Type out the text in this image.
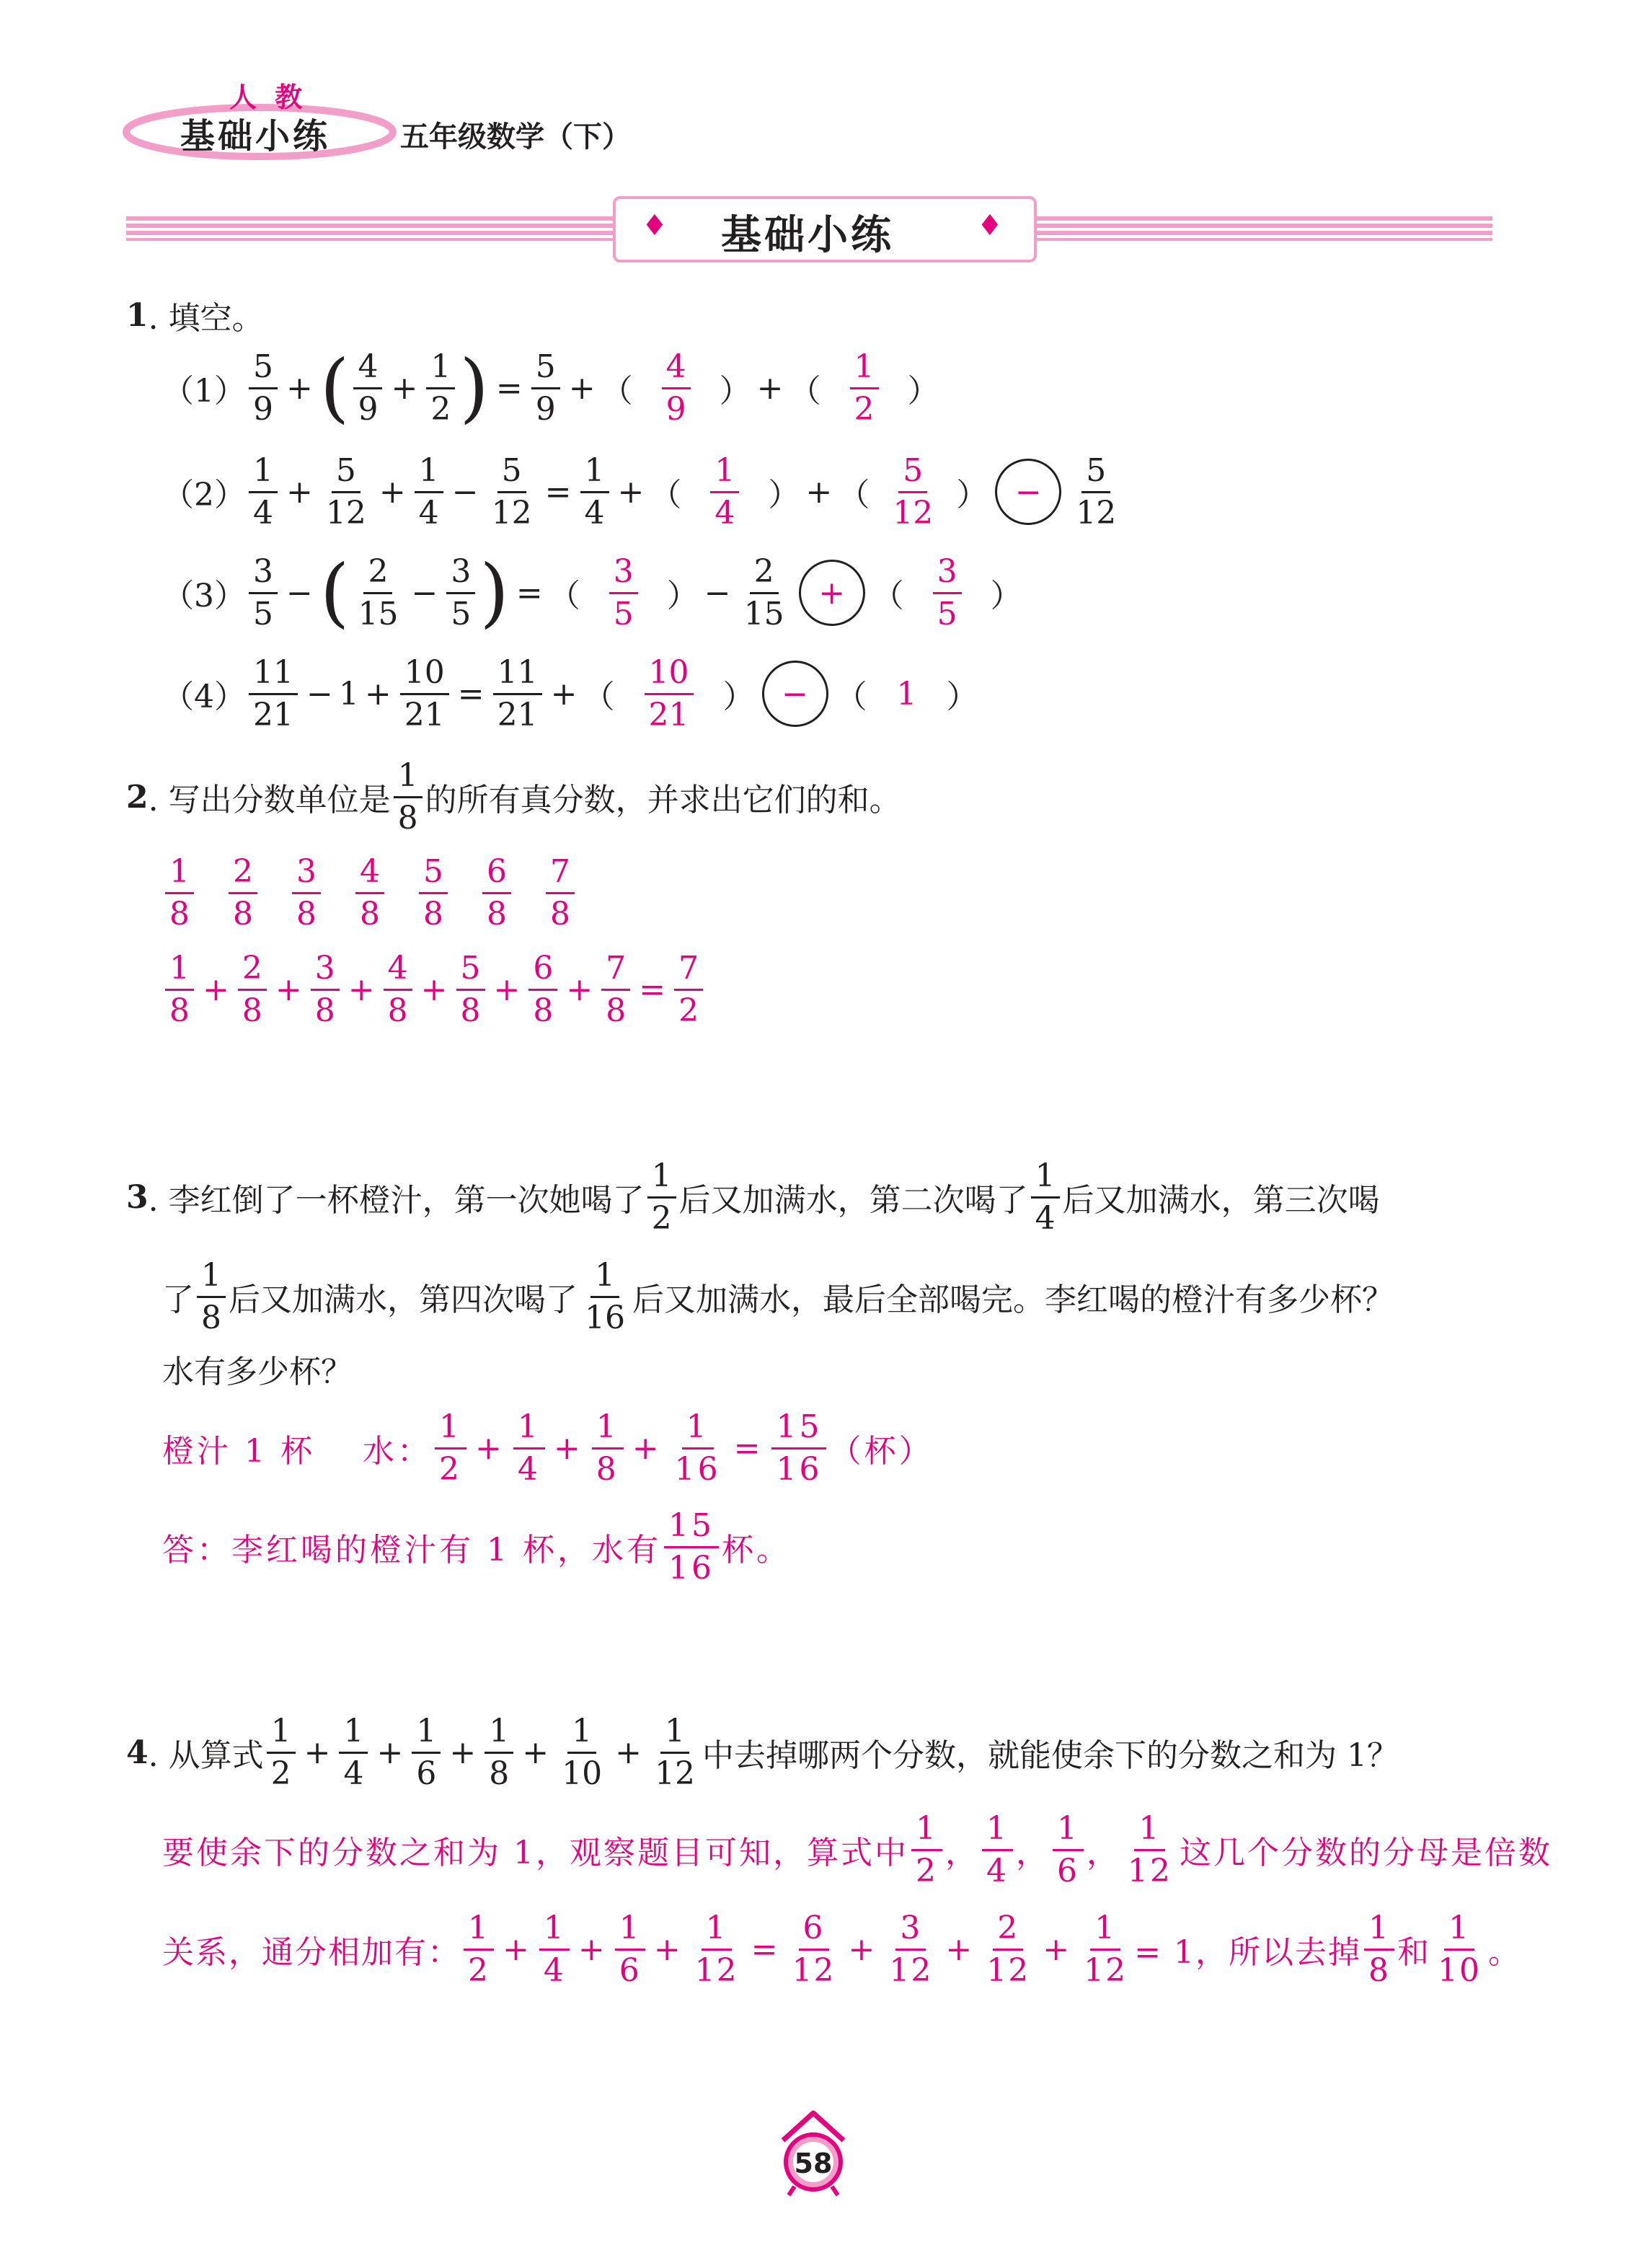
人 教
基础小练 五年级数学（下）
♦	♦
基础小练
1 . 填空。
$(1) \frac{5}{9}$ + ( $\frac{4}{9} + \frac{1}{2}$ ) = $\frac{5}{9}$ + （ $\frac{4}{9}$ ） + （ $\frac{1}{2}$ ）
$(2) \frac{1}{4} + \frac{5}{12} + \frac{1}{4} - \frac{5}{12} = \frac{1}{4}$ + （ $\frac{1}{4}$ ） + （ $\frac{5}{12}$ ） − $\frac{5}{12}$
$(3) \frac{3}{5}$ − ( $\frac{2}{15} - \frac{3}{5}$ ) = （ $\frac{3}{5}$ ） − $\frac{2}{15}$ + （ $\frac{3}{5}$ ）
$(4) \frac{11}{21} - 1 + \frac{10}{21} = \frac{11}{21}$ + （ $\frac{10}{21}$ ） − （ 1 ）
2 . 写出分数单位是 $\frac{1}{8}$ 的所有真分数，并求出它们的和。
$\frac{1}{8} \frac{2}{8} \frac{3}{8} \frac{4}{8} \frac{5}{8} \frac{6}{8} \frac{7}{8}$
$\frac{1}{8} + \frac{2}{8} + \frac{3}{8} + \frac{4}{8} + \frac{5}{8} + \frac{6}{8} + \frac{7}{8} = \frac{7}{2}$
3 . 李红倒了一杯橙汁，第一次她喝了 $\frac{1}{2}$ 后又加满水，第二次喝了 $\frac{1}{4}$ 后又加满水，第三次喝
了 $\frac{1}{8}$ 后又加满水，第四次喝了 $\frac{1}{16}$ 后又加满水，最后全部喝完。李红喝的橙汁有多少杯？
水有多少杯？
橙汁 1 杯　 水： $\frac{1}{2} + \frac{1}{4} + \frac{1}{8} + \frac{1}{16} = \frac{15}{16}$ （杯）
答：李红喝的橙汁有 1 杯，水有 $\frac{15}{16}$ 杯。
4 . 从算式 $\frac{1}{2} + \frac{1}{4} + \frac{1}{6} + \frac{1}{8} + \frac{1}{10} + \frac{1}{12}$ 中去掉哪两个分数，就能使余下的分数之和为 1？
要使余下的分数之和为 1，观察题目可知，算式中 $\frac{1}{2}$ ， $\frac{1}{4}$ ， $\frac{1}{6}$ ， $\frac{1}{12}$ 这几个分数的分母是倍数
关系，通分相加有： $\frac{1}{2} + \frac{1}{4} + \frac{1}{6} + \frac{1}{12} = \frac{6}{12} + \frac{3}{12} + \frac{2}{12} + \frac{1}{12} = 1$，所以去掉 $\frac{1}{8}$ 和 $\frac{1}{10}$ 。
58
